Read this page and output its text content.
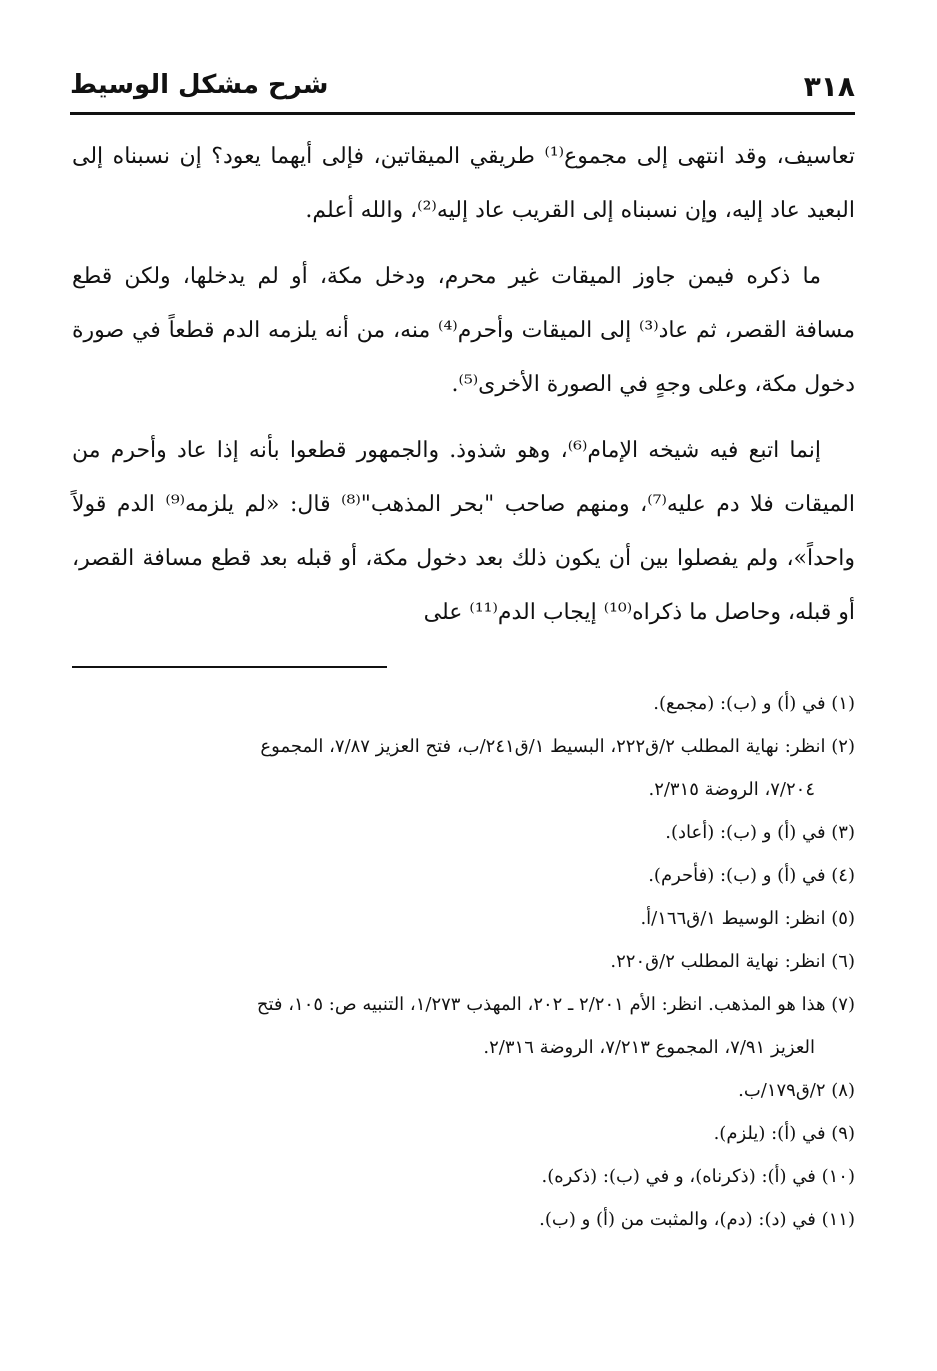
٣١٨
شرح مشكل الوسيط

تعاسيف، وقد انتهى إلى مجموع⁽¹⁾ طريقي الميقاتين، فإلى أيهما يعود؟ إن نسبناه إلى البعيد عاد إليه، وإن نسبناه إلى القريب عاد إليه⁽²⁾، والله أعلم.

ما ذكره فيمن جاوز الميقات غير محرم، ودخل مكة، أو لم يدخلها، ولكن قطع مسافة القصر، ثم عاد⁽³⁾ إلى الميقات وأحرم⁽⁴⁾ منه، من أنه يلزمه الدم قطعاً في صورة دخول مكة، وعلى وجهٍ في الصورة الأخرى⁽⁵⁾.

إنما اتبع فيه شيخه الإمام⁽⁶⁾، وهو شذوذ. والجمهور قطعوا بأنه إذا عاد وأحرم من الميقات فلا دم عليه⁽⁷⁾، ومنهم صاحب "بحر المذهب"⁽⁸⁾ قال: «لم يلزمه⁽⁹⁾ الدم قولاً واحداً»، ولم يفصلوا بين أن يكون ذلك بعد دخول مكة، أو قبله بعد قطع مسافة القصر، أو قبله، وحاصل ما ذكراه⁽¹⁰⁾ إيجاب الدم⁽¹¹⁾ على

(١) في (أ) و (ب): (مجمع).
(٢) انظر: نهاية المطلب ٢/ق٢٢٢، البسيط ١/ق٢٤١/ب، فتح العزيز ٧/٨٧، المجموع
٧/٢٠٤، الروضة ٢/٣١٥.
(٣) في (أ) و (ب): (أعاد).
(٤) في (أ) و (ب): (فأحرم).
(٥) انظر: الوسيط ١/ق١٦٦/أ.
(٦) انظر: نهاية المطلب ٢/ق٢٢٠.
(٧) هذا هو المذهب. انظر: الأم ٢/٢٠١ ـ ٢٠٢، المهذب ١/٢٧٣، التنبيه ص: ١٠٥، فتح
العزيز ٧/٩١، المجموع ٧/٢١٣، الروضة ٢/٣١٦.
(٨) ٢/ق١٧٩/ب.
(٩) في (أ): (يلزم).
(١٠) في (أ): (ذكرناه)، و في (ب): (ذكره).
(١١) في (د): (دم)، والمثبت من (أ) و (ب).
